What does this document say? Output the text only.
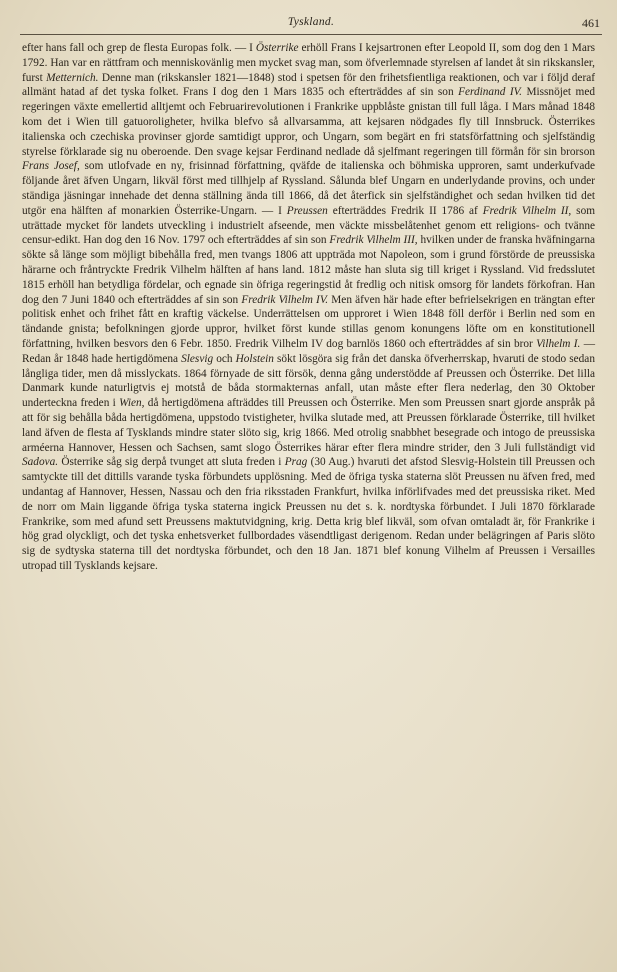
Tyskland.	461

efter hans fall och grep de flesta Europas folk. — I Österrike erhöll Frans I kejsartronen efter Leopold II, som dog den 1 Mars 1792. Han var en rättfram och menniskovänlig men mycket svag man, som öfverlemnade styrelsen af landet åt sin rikskansler, furst Metternich. Denne man (rikskansler 1821—1848) stod i spetsen för den frihetsfientliga reaktionen, och var i följd deraf allmänt hatad af det tyska folket. Frans I dog den 1 Mars 1835 och efterträddes af sin son Ferdinand IV. Missnöjet med regeringen växte emellertid alltjemt och Februarirevolutionen i Frankrike uppblåste gnistan till full låga. I Mars månad 1848 kom det i Wien till gatuoroligheter, hvilka blefvo så allvarsamma, att kejsaren nödgades fly till Innsbruck. Österrikes italienska och czechiska provinser gjorde samtidigt uppror, och Ungarn, som begärt en fri statsförfattning och sjelfständig styrelse förklarade sig nu oberoende. Den svage kejsar Ferdinand nedlade då sjelfmant regeringen till förmån för sin brorson Frans Josef, som utlofvade en ny, frisinnad författning, qväfde de italienska och böhmiska upproren, samt underkufvade följande året äfven Ungarn, likväl först med tillhjelp af Ryssland. Sålunda blef Ungarn en underlydande provins, och under ständiga jäsningar innehade det denna ställning ända till 1866, då det återfick sin sjelfständighet och sedan hvilken tid det utgör ena hälften af monarkien Österrike-Ungarn. — I Preussen efterträddes Fredrik II 1786 af Fredrik Vilhelm II, som uträttade mycket för landets utveckling i industrielt afseende, men väckte missbelåtenhet genom ett religions- och tvänne censur-edikt. Han dog den 16 Nov. 1797 och efterträddes af sin son Fredrik Vilhelm III, hvilken under de franska hväfningarna sökte så länge som möjligt bibehålla fred, men tvangs 1806 att uppträda mot Napoleon, som i grund förstörde de preussiska härarne och fråntryckte Fredrik Vilhelm hälften af hans land. 1812 måste han sluta sig till kriget i Ryssland. Vid fredsslutet 1815 erhöll han betydliga fördelar, och egnade sin öfriga regeringstid åt fredlig och nitisk omsorg för landets förkofran. Han dog den 7 Juni 1840 och efterträddes af sin son Fredrik Vilhelm IV. Men äfven här hade efter befrielsekrigen en trängtan efter politisk enhet och frihet fått en kraftig väckelse. Underrättelsen om upproret i Wien 1848 föll derför i Berlin ned som en tändande gnista; befolkningen gjorde uppror, hvilket först kunde stillas genom konungens löfte om en konstitutionell författning, hvilken besvors den 6 Febr. 1850. Fredrik Vilhelm IV dog barnlös 1860 och efterträddes af sin bror Vilhelm I. — Redan år 1848 hade hertigdömena Slesvig och Holstein sökt lösgöra sig från det danska öfverherrskap, hvaruti de stodo sedan långliga tider, men då misslyckats. 1864 förnyade de sitt försök, denna gång understödde af Preussen och Österrike. Det lilla Danmark kunde naturligtvis ej motstå de båda stormakternas anfall, utan måste efter flera nederlag, den 30 Oktober underteckna freden i Wien, då hertigdömena afträddes till Preussen och Österrike. Men som Preussen snart gjorde anspråk på att för sig behålla båda hertigdömena, uppstodo tvistigheter, hvilka slutade med, att Preussen förklarade Österrike, till hvilket land äfven de flesta af Tysklands mindre stater slöto sig, krig 1866. Med otrolig snabbhet besegrade och intogo de preussiska arméerna Hannover, Hessen och Sachsen, samt slogo Österrikes härar efter flera mindre strider, den 3 Juli fullständigt vid Sadova. Österrike såg sig derpå tvunget att sluta freden i Prag (30 Aug.) hvaruti det afstod Slesvig-Holstein till Preussen och samtyckte till det dittills varande tyska förbundets upplösning. Med de öfriga tyska staterna slöt Preussen nu äfven fred, med undantag af Hannover, Hessen, Nassau och den fria riksstaden Frankfurt, hvilka införlifvades med det preussiska riket. Med de norr om Main liggande öfriga tyska staterna ingick Preussen nu det s. k. nordtyska förbundet. I Juli 1870 förklarade Frankrike, som med afund sett Preussens maktutvidgning, krig. Detta krig blef likväl, som ofvan omtaladt är, för Frankrike i hög grad olyckligt, och det tyska enhetsverket fullbordades väsendtligast derigenom. Redan under belägringen af Paris slöto sig de sydtyska staterna till det nordtyska förbundet, och den 18 Jan. 1871 blef konung Vilhelm af Preussen i Versailles utropad till Tysklands kejsare.
